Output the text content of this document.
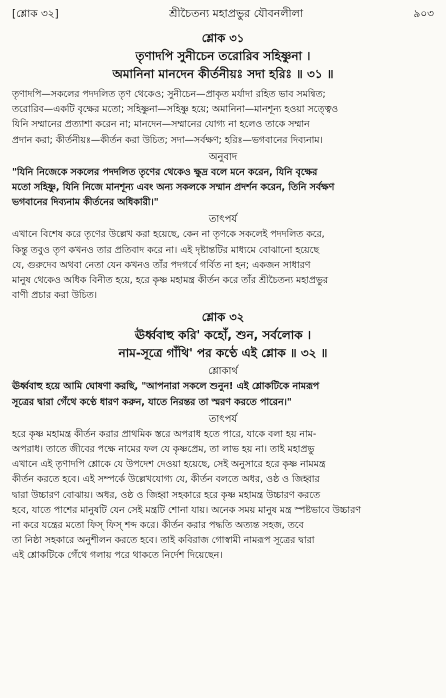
[শ্লোক ৩২]	শ্রীচৈতন্য মহাপ্রভুর যৌবনলীলা	৯০৩
শ্লোক ৩১
তৃণাদপি সুনীচেন তরোরিব সহিষ্ণুনা ।
অমানিনা মানদেন কীর্তনীয়ঃ সদা হরিঃ ॥ ৩১ ॥

তৃণাদপি—সকলের পদদলিত তৃণ থেকেও; সুনীচেন—প্রাকৃত মর্যাদা রহিত ভাব সমন্বিত;

তরোরিব—একটি বৃক্ষের মতো; সহিষ্ণুনা—সহিষ্ণু হয়ে; অমানিনা—মানশূন্য হওয়া সত্ত্বেও

যিনি সম্মানের প্রত্যাশা করেন না; মানদেন—সম্মানের যোগ্য না হলেও তাকে সম্মান

প্রদান করা; কীর্তনীয়ঃ—কীর্তন করা উচিত; সদা—সর্বক্ষণ; হরিঃ—ভগবানের দিব্যনাম।

অনুবাদ

"যিনি নিজেকে সকলের পদদলিত তৃণের থেকেও ক্ষুদ্র বলে মনে করেন, যিনি বৃক্ষের

মতো সহিষ্ণু, যিনি নিজে মানশূন্য এবং অন্য সকলকে সম্মান প্রদর্শন করেন, তিনি সর্বক্ষণ

ভগবানের দিব্যনাম কীর্তনের অধিকারী।"

তাৎপর্য

এখানে বিশেষ করে তৃণের উল্লেখ করা হয়েছে, কেন না তৃণকে সকলেই পদদলিত করে,

কিন্তু তবুও তৃণ কখনও তার প্রতিবাদ করে না। এই দৃষ্টান্তটির মাধ্যমে বোঝানো হয়েছে

যে, গুরুদেব অথবা নেতা যেন কখনও তাঁর পদগর্বে গর্বিত না হন; একজন সাধারণ

মানুষ থেকেও অধিক বিনীত হয়ে, হরে কৃষ্ণ মহামন্ত্র কীর্তন করে তাঁর শ্রীচৈতন্য মহাপ্রভুর

বাণী প্রচার করা উচিত।

শ্লোক ৩২
ঊর্ধ্ববাহু করি' কহোঁ, শুন, সর্বলোক ।
নাম-সূত্রে গাঁথি' পর কণ্ঠে এই শ্লোক ॥ ৩২ ॥
শ্লোকার্থ

ঊর্ধ্ববাহু হয়ে আমি ঘোষণা করছি, "আপনারা সকলে শুনুন! এই শ্লোকটিকে নামরূপ

সূত্রের দ্বারা গেঁথে কণ্ঠে ধারণ করুন, যাতে নিরন্তর তা স্মরণ করতে পারেন।"

তাৎপর্য

হরে কৃষ্ণ মহামন্ত্র কীর্তন করার প্রাথমিক স্তরে অপরাধ হতে পারে, যাকে বলা হয় নাম-

অপরাধ। তাতে জীবের পক্ষে নামের ফল যে কৃষ্ণপ্রেম, তা লাভ হয় না। তাই মহাপ্রভু

এখানে এই তৃণাদপি শ্লোকে যে উপদেশ দেওয়া হয়েছে, সেই অনুসারে হরে কৃষ্ণ নামমন্ত্র

কীর্তন করতে হবে। এই সম্পর্কে উল্লেখযোগ্য যে, কীর্তন বলতে অধর, ওষ্ঠ ও জিহ্বার

দ্বারা উচ্চারণ বোঝায়। অধর, ওষ্ঠ ও জিহ্বা সহকারে হরে কৃষ্ণ মহামন্ত্র উচ্চারণ করতে

হবে, যাতে পাশের মানুষটি যেন সেই মন্ত্রটি শোনা যায়। অনেক সময় মানুষ মন্ত্র স্পষ্টভাবে উচ্চারণ

না করে যন্ত্রের মতো ফিস্ ফিস্ শব্দ করে। কীর্তন করার পদ্ধতি অত্যন্ত সহজ, তবে

তা নিষ্ঠা সহকারে অনুশীলন করতে হবে। তাই কবিরাজ গোস্বামী নামরূপ সূত্রের দ্বারা

এই শ্লোকটিকে গেঁথে গলায় পরে থাকতে নির্দেশ দিয়েছেন।
